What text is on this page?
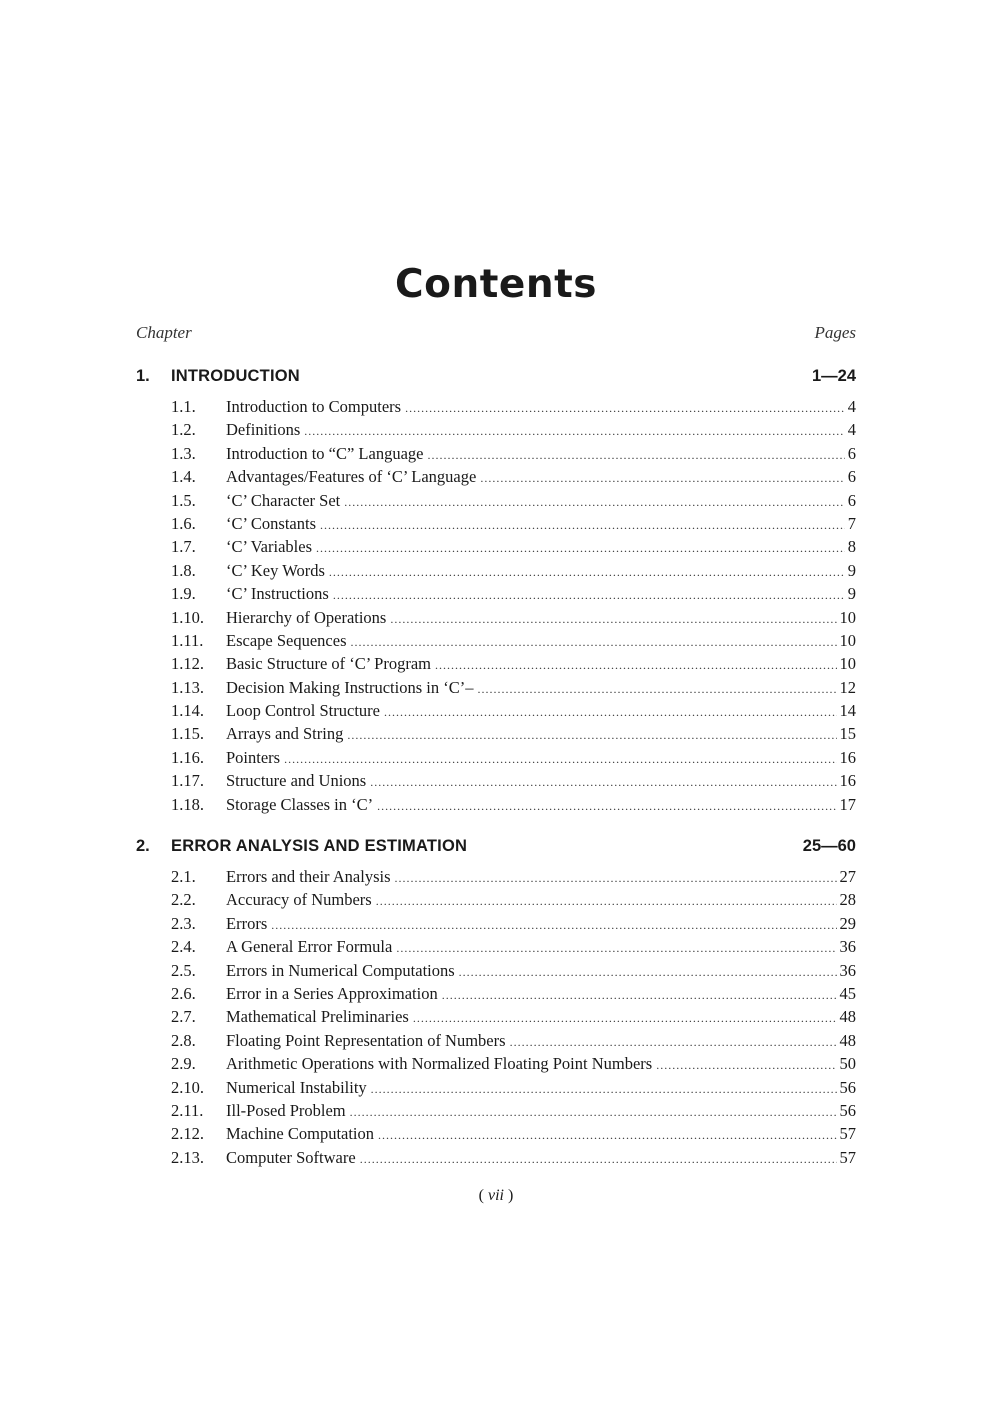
Contents
Chapter	Pages
1.	INTRODUCTION	1—24
1.1.	Introduction to Computers .....	4
1.2.	Definitions .....	4
1.3.	Introduction to “C” Language .....	6
1.4.	Advantages/Features of ‘C’ Language .....	6
1.5.	‘C’ Character Set .....	6
1.6.	‘C’ Constants .....	7
1.7.	‘C’ Variables .....	8
1.8.	‘C’ Key Words .....	9
1.9.	‘C’ Instructions .....	9
1.10.	Hierarchy of Operations .....	10
1.11.	Escape Sequences .....	10
1.12.	Basic Structure of ‘C’ Program .....	10
1.13.	Decision Making Instructions in ‘C’– .....	12
1.14.	Loop Control Structure .....	14
1.15.	Arrays and String .....	15
1.16.	Pointers .....	16
1.17.	Structure and Unions .....	16
1.18.	Storage Classes in ‘C’ .....	17
2.	ERROR ANALYSIS AND ESTIMATION	25—60
2.1.	Errors and their Analysis .....	27
2.2.	Accuracy of Numbers .....	28
2.3.	Errors .....	29
2.4.	A General Error Formula .....	36
2.5.	Errors in Numerical Computations .....	36
2.6.	Error in a Series Approximation .....	45
2.7.	Mathematical Preliminaries .....	48
2.8.	Floating Point Representation of Numbers .....	48
2.9.	Arithmetic Operations with Normalized Floating Point Numbers .....	50
2.10.	Numerical Instability .....	56
2.11.	Ill-Posed Problem .....	56
2.12.	Machine Computation .....	57
2.13.	Computer Software .....	57
( vii )
